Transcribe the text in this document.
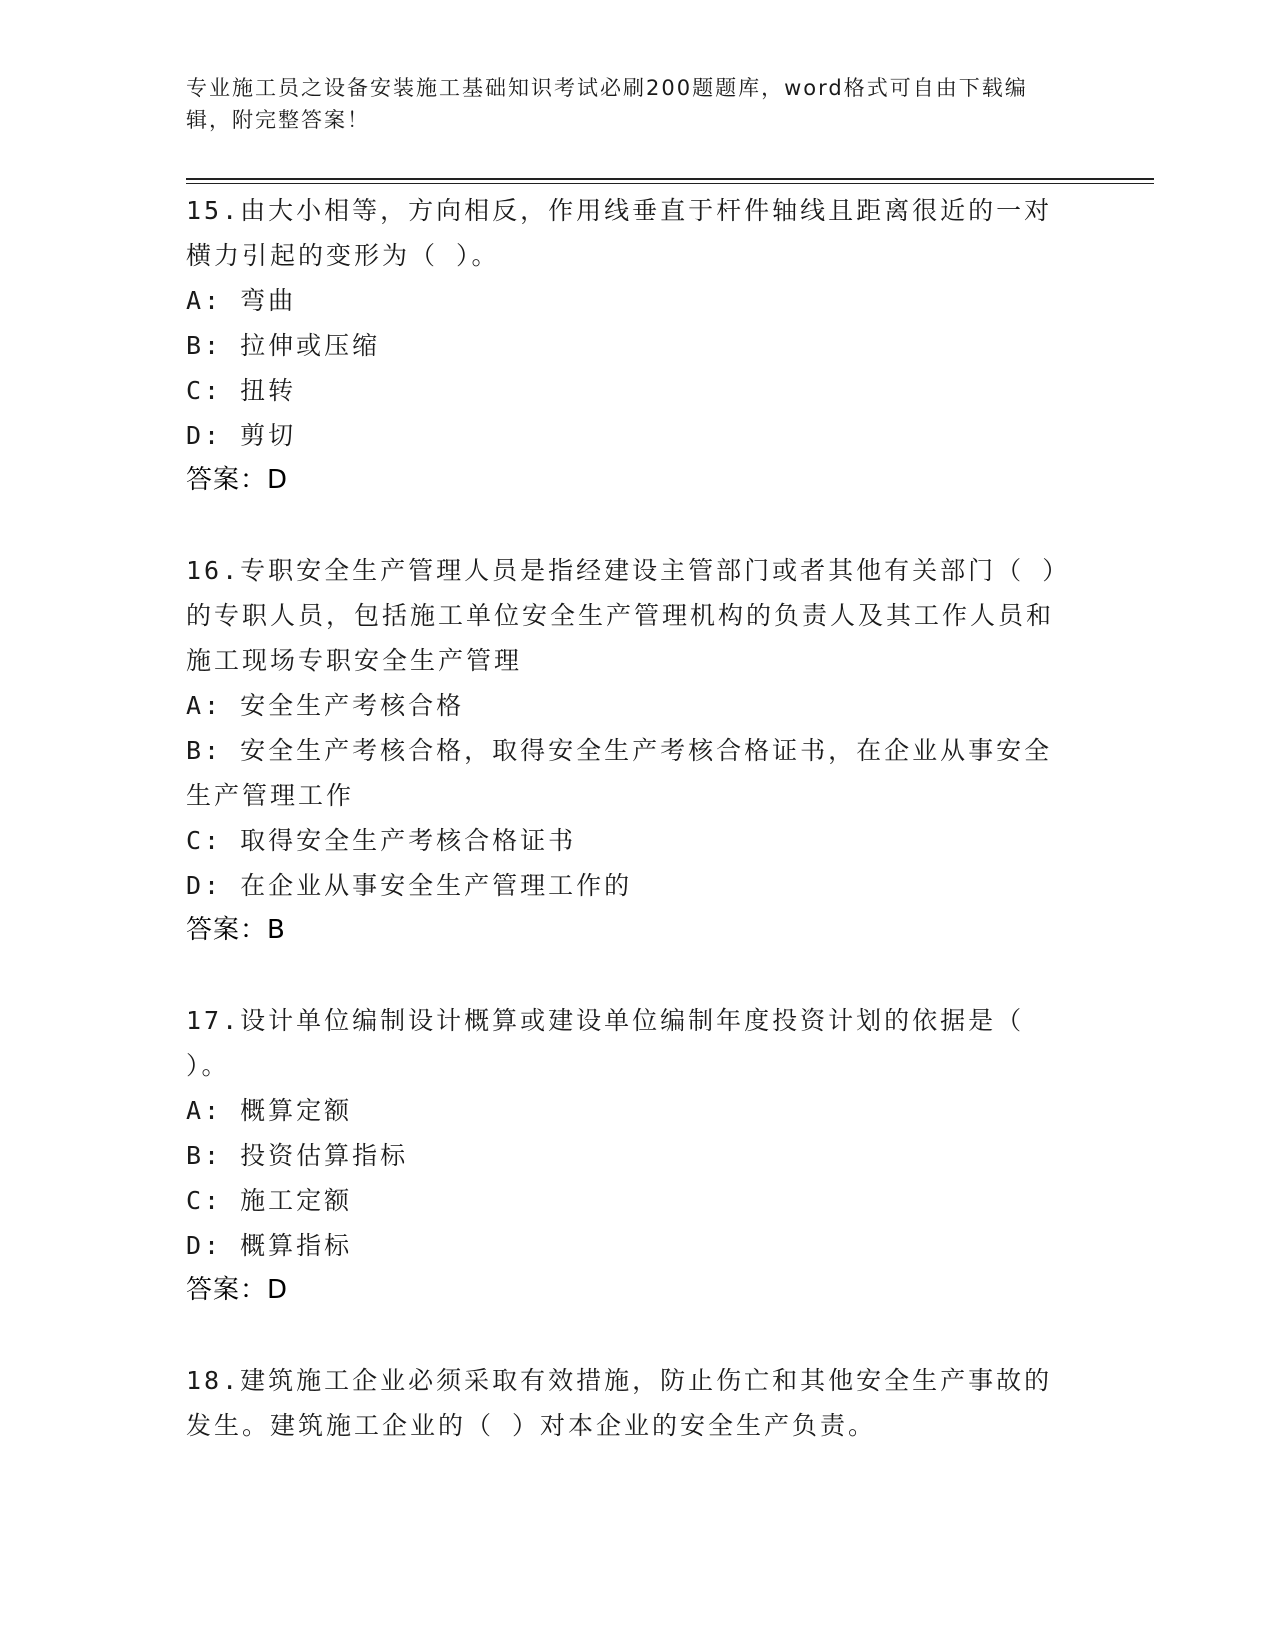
专业施工员之设备安装施工基础知识考试必刷200题题库，word格式可自由下载编辑，附完整答案！

15.由大小相等，方向相反，作用线垂直于杆件轴线且距离很近的一对横力引起的变形为（ ）。

A: 弯曲

B: 拉伸或压缩

C: 扭转

D: 剪切

答案：D

16.专职安全生产管理人员是指经建设主管部门或者其他有关部门（ ）的专职人员，包括施工单位安全生产管理机构的负责人及其工作人员和施工现场专职安全生产管理

A: 安全生产考核合格

B: 安全生产考核合格，取得安全生产考核合格证书，在企业从事安全生产管理工作

C: 取得安全生产考核合格证书

D: 在企业从事安全生产管理工作的

答案：B

17.设计单位编制设计概算或建设单位编制年度投资计划的依据是（ ）。

A: 概算定额

B: 投资估算指标

C: 施工定额

D: 概算指标

答案：D

18.建筑施工企业必须采取有效措施，防止伤亡和其他安全生产事故的发生。建筑施工企业的（ ）对本企业的安全生产负责。
